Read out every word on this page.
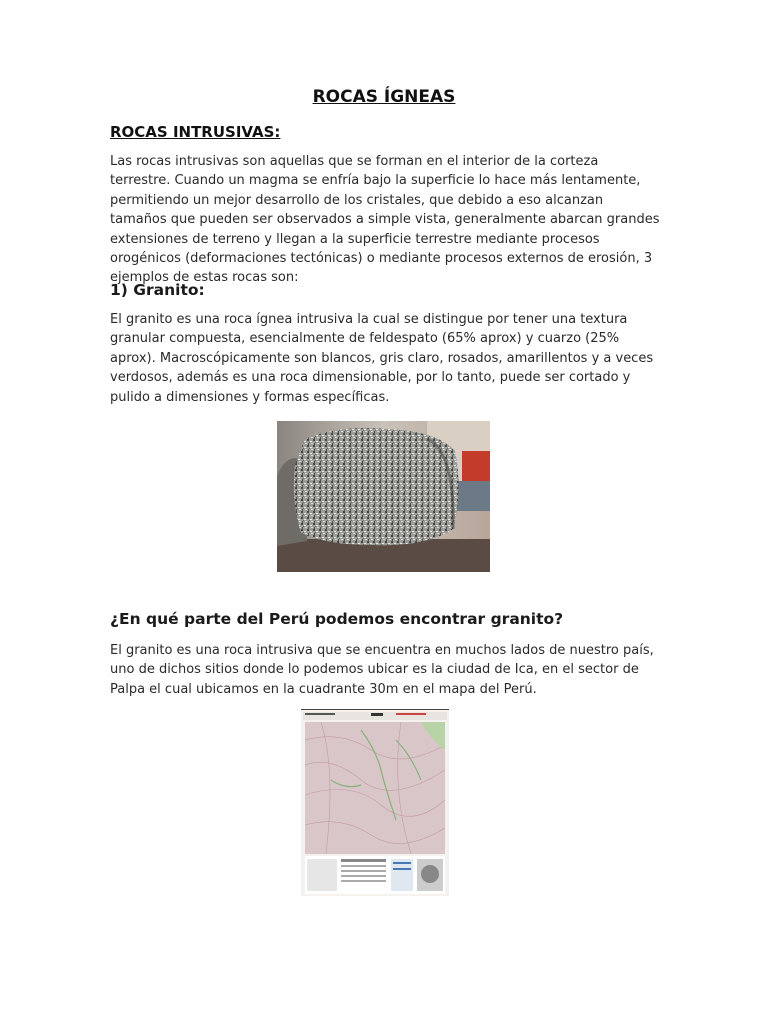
ROCAS ÍGNEAS
ROCAS INTRUSIVAS:
Las rocas intrusivas son aquellas que se forman en el interior de la corteza terrestre. Cuando un magma se enfría bajo la superficie lo hace más lentamente, permitiendo un mejor desarrollo de los cristales, que debido a eso alcanzan tamaños que pueden ser observados a simple vista, generalmente abarcan grandes extensiones de terreno y llegan a la superficie terrestre mediante procesos orogénicos (deformaciones tectónicas) o mediante procesos externos de erosión, 3 ejemplos de estas rocas son:
1) Granito:
El granito es una roca ígnea intrusiva la cual se distingue por tener una textura granular compuesta, esencialmente de feldespato (65% aprox) y cuarzo (25% aprox). Macroscópicamente son blancos, gris claro, rosados, amarillentos y a veces verdosos, además es una roca dimensionable, por lo tanto, puede ser cortado y pulido a dimensiones y formas específicas.
¿En qué parte del Perú podemos encontrar granito?
El granito es una roca intrusiva que se encuentra en muchos lados de nuestro país, uno de dichos sitios donde lo podemos ubicar es la ciudad de Ica, en el sector de Palpa el cual ubicamos en la cuadrante 30m en el mapa del Perú.
